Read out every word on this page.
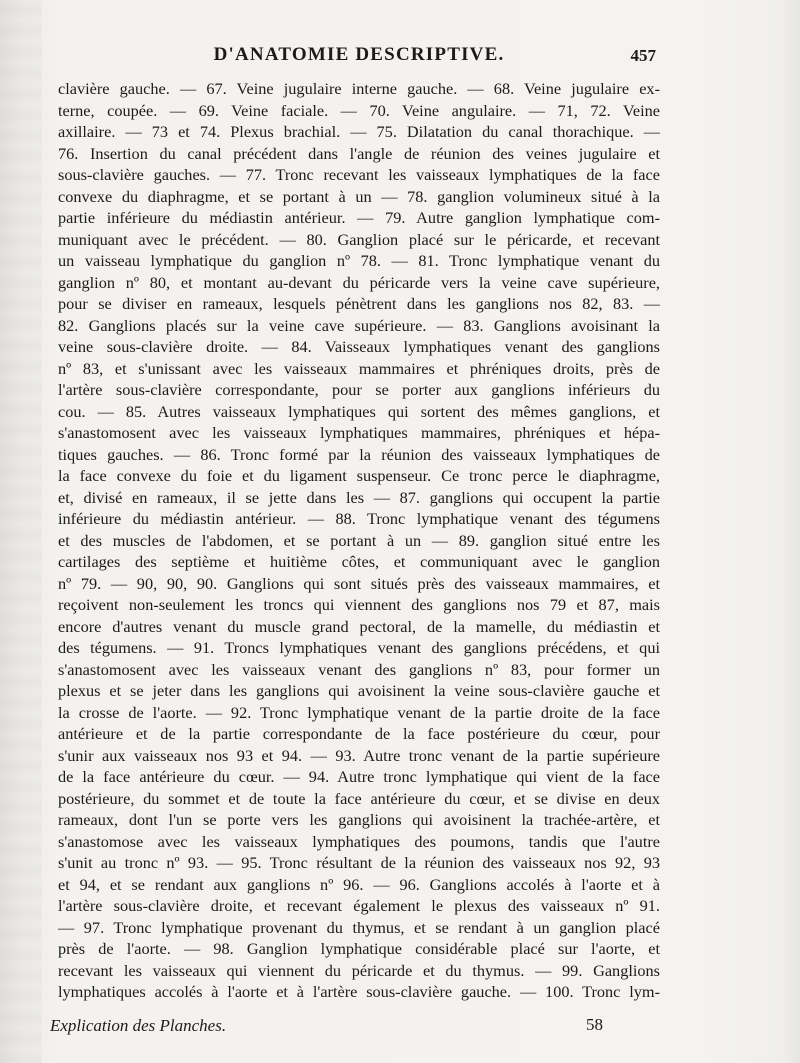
D'ANATOMIE DESCRIPTIVE.	457
clavière gauche. — 67. Veine jugulaire interne gauche. — 68. Veine jugulaire ex-
terne, coupée. — 69. Veine faciale. — 70. Veine angulaire. — 71, 72. Veine
axillaire. — 73 et 74. Plexus brachial. — 75. Dilatation du canal thorachique. —
76. Insertion du canal précédent dans l'angle de réunion des veines jugulaire et
sous-clavière gauches. — 77. Tronc recevant les vaisseaux lymphatiques de la face
convexe du diaphragme, et se portant à un — 78. ganglion volumineux situé à la
partie inférieure du médiastin antérieur. — 79. Autre ganglion lymphatique com-
muniquant avec le précédent. — 80. Ganglion placé sur le péricarde, et recevant
un vaisseau lymphatique du ganglion nº 78. — 81. Tronc lymphatique venant du
ganglion nº 80, et montant au-devant du péricarde vers la veine cave supérieure,
pour se diviser en rameaux, lesquels pénètrent dans les ganglions nos 82, 83. —
82. Ganglions placés sur la veine cave supérieure. — 83. Ganglions avoisinant la
veine sous-clavière droite. — 84. Vaisseaux lymphatiques venant des ganglions
nº 83, et s'unissant avec les vaisseaux mammaires et phréniques droits, près de
l'artère sous-clavière correspondante, pour se porter aux ganglions inférieurs du
cou. — 85. Autres vaisseaux lymphatiques qui sortent des mêmes ganglions, et
s'anastomosent avec les vaisseaux lymphatiques mammaires, phréniques et hépa-
tiques gauches. — 86. Tronc formé par la réunion des vaisseaux lymphatiques de
la face convexe du foie et du ligament suspenseur. Ce tronc perce le diaphragme,
et, divisé en rameaux, il se jette dans les — 87. ganglions qui occupent la partie
inférieure du médiastin antérieur. — 88. Tronc lymphatique venant des tégumens
et des muscles de l'abdomen, et se portant à un — 89. ganglion situé entre les
cartilages des septième et huitième côtes, et communiquant avec le ganglion
nº 79. — 90, 90, 90. Ganglions qui sont situés près des vaisseaux mammaires, et
reçoivent non-seulement les troncs qui viennent des ganglions nos 79 et 87, mais
encore d'autres venant du muscle grand pectoral, de la mamelle, du médiastin et
des tégumens. — 91. Troncs lymphatiques venant des ganglions précédens, et qui
s'anastomosent avec les vaisseaux venant des ganglions nº 83, pour former un
plexus et se jeter dans les ganglions qui avoisinent la veine sous-clavière gauche et
la crosse de l'aorte. — 92. Tronc lymphatique venant de la partie droite de la face
antérieure et de la partie correspondante de la face postérieure du cœur, pour
s'unir aux vaisseaux nos 93 et 94. — 93. Autre tronc venant de la partie supérieure
de la face antérieure du cœur. — 94. Autre tronc lymphatique qui vient de la face
postérieure, du sommet et de toute la face antérieure du cœur, et se divise en deux
rameaux, dont l'un se porte vers les ganglions qui avoisinent la trachée-artère, et
s'anastomose avec les vaisseaux lymphatiques des poumons, tandis que l'autre
s'unit au tronc nº 93. — 95. Tronc résultant de la réunion des vaisseaux nos 92, 93
et 94, et se rendant aux ganglions nº 96. — 96. Ganglions accolés à l'aorte et à
l'artère sous-clavière droite, et recevant également le plexus des vaisseaux nº 91.
— 97. Tronc lymphatique provenant du thymus, et se rendant à un ganglion placé
près de l'aorte. — 98. Ganglion lymphatique considérable placé sur l'aorte, et
recevant les vaisseaux qui viennent du péricarde et du thymus. — 99. Ganglions
lymphatiques accolés à l'aorte et à l'artère sous-clavière gauche. — 100. Tronc lym-
Explication des Planches.	58
